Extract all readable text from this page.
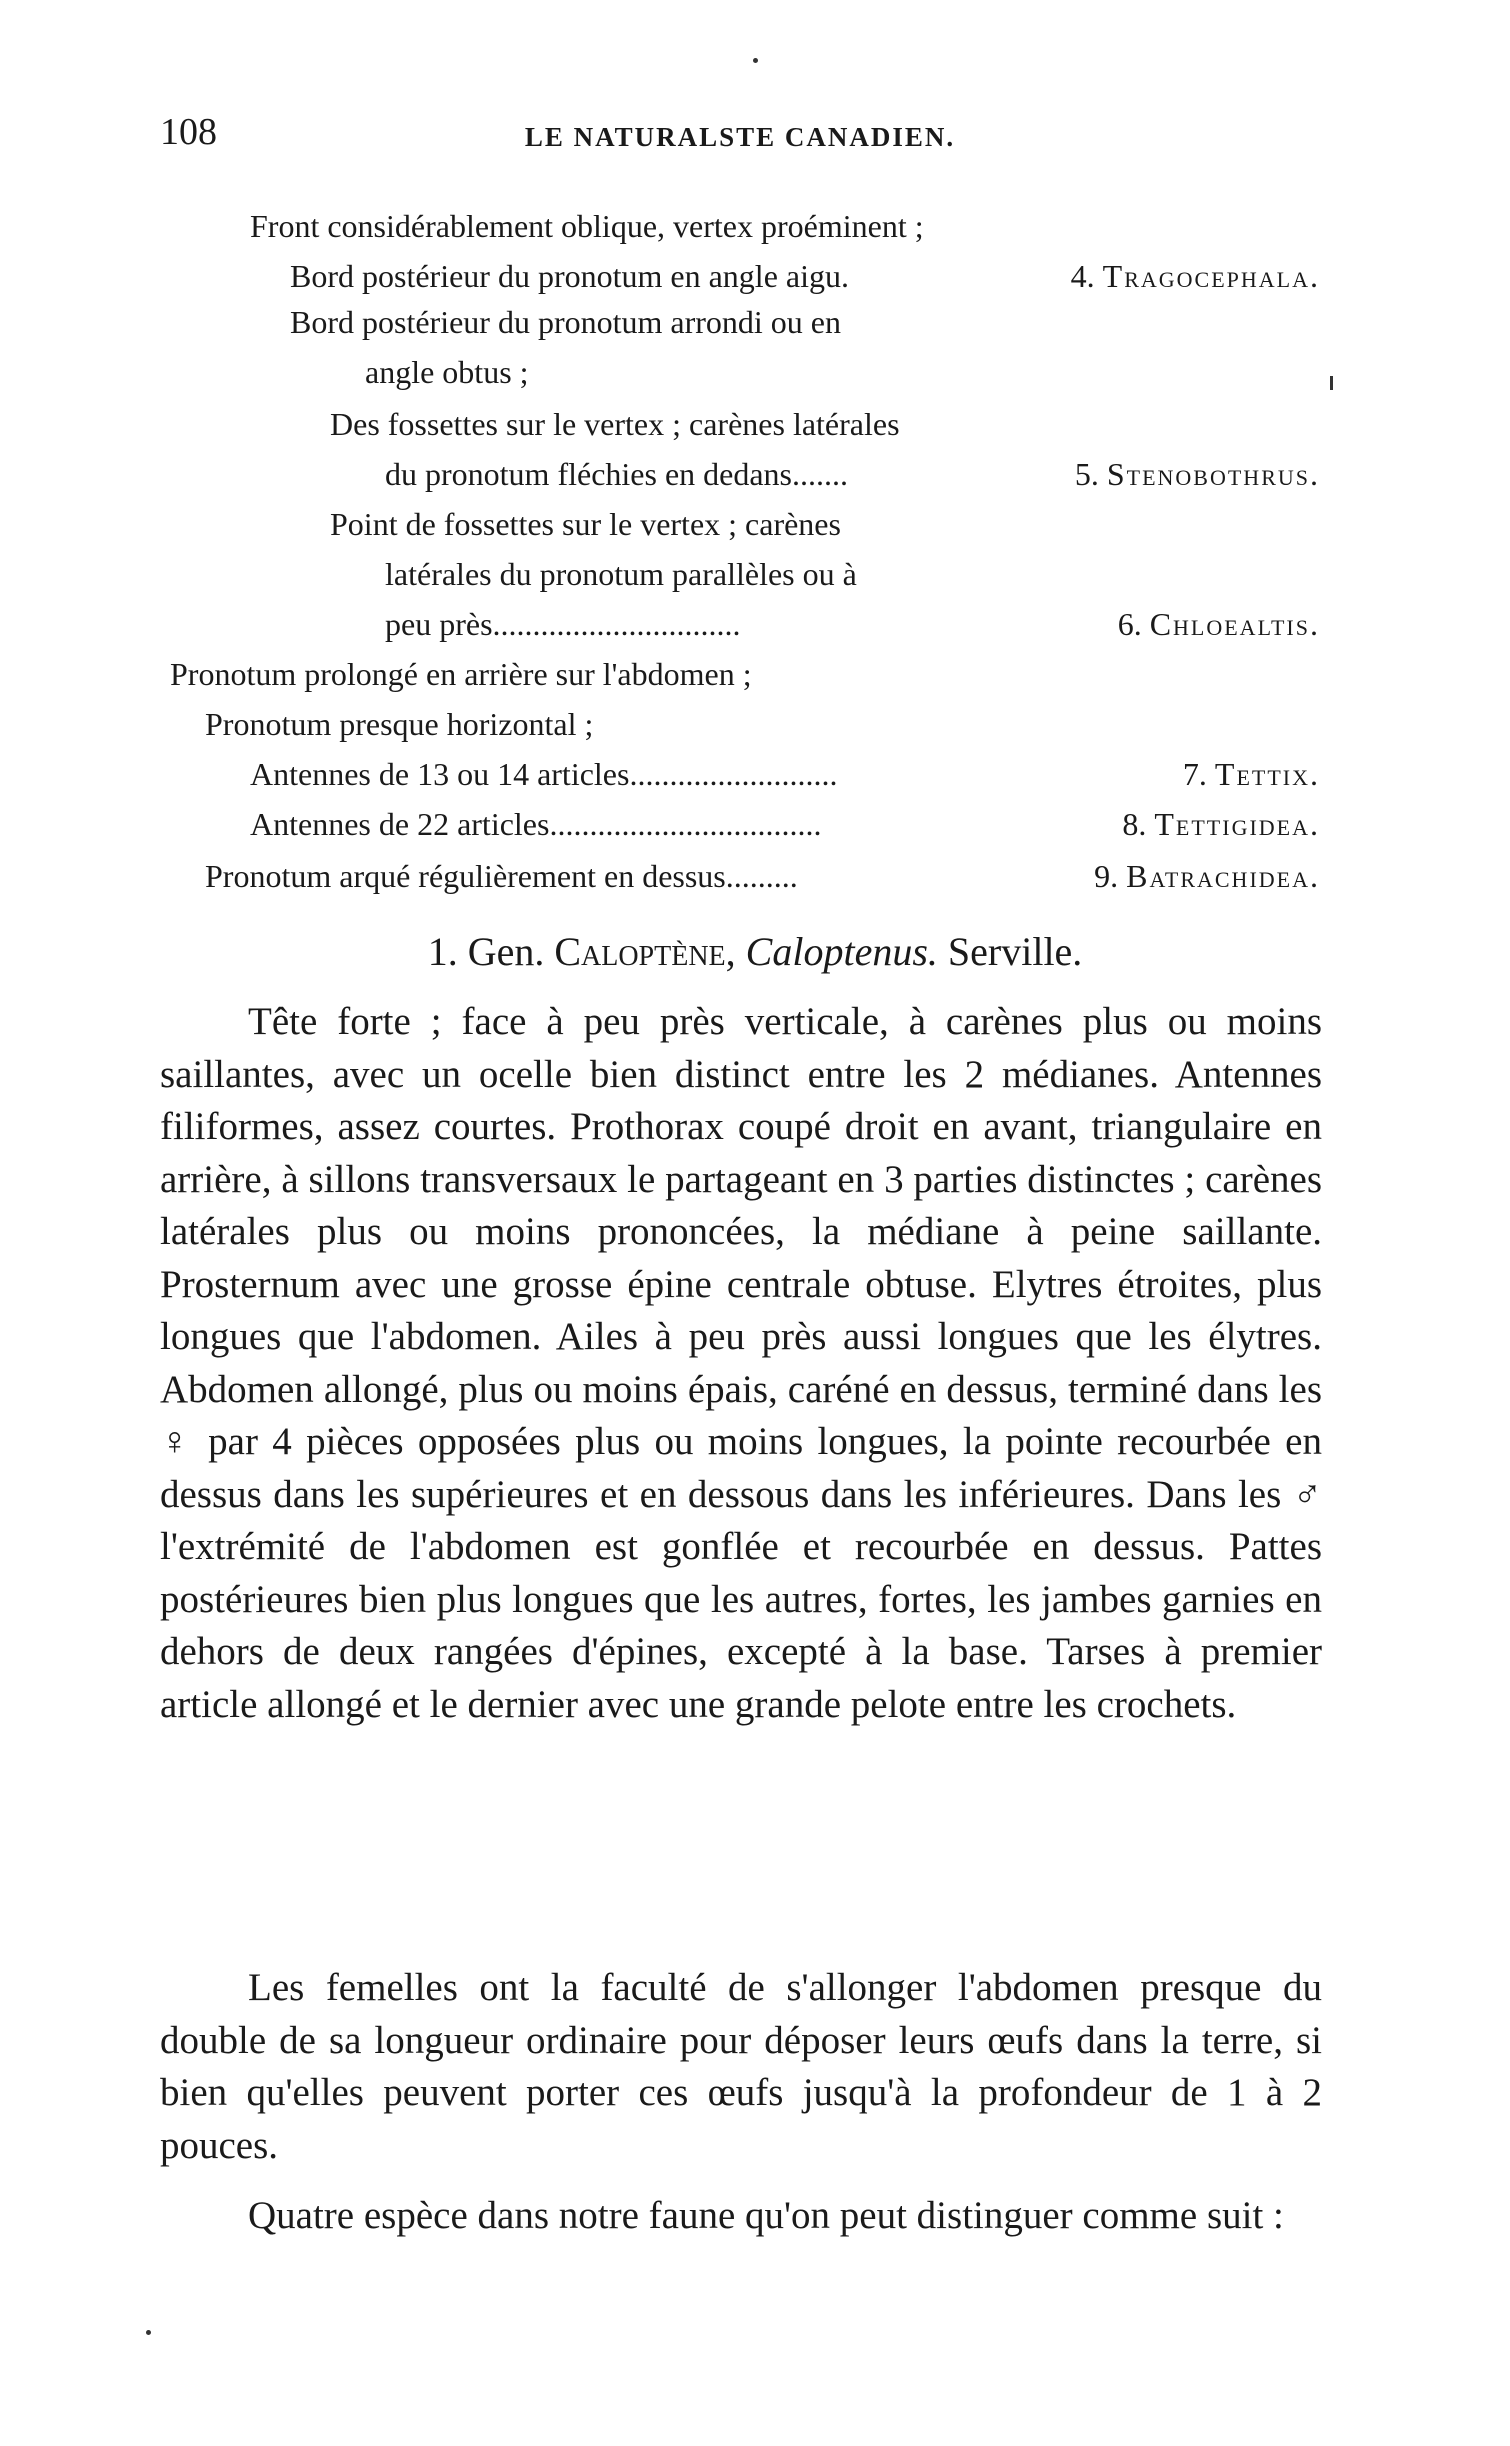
108	LE NATURALSTE CANADIEN.
Front considérablement oblique, vertex proéminent ;
Bord postérieur du pronotum en angle aigu.	4. Tragocephala.
Bord postérieur du pronotum arrondi ou en
angle obtus ;
Des fossettes sur le vertex ; carènes latérales
du pronotum fléchies en dedans.......	5. Stenobothrus.
Point de fossettes sur le vertex ; carènes
latérales du pronotum parallèles ou à
peu près...............................	6. Chloealtis.
Pronotum prolongé en arrière sur l'abdomen ;
Pronotum presque horizontal ;
Antennes de 13 ou 14 articles..........................	7. Tettix.
Antennes de 22 articles..................................	8. Tettigidea.
Pronotum arqué régulièrement en dessus.........	9. Batrachidea.
1. Gen. Caloptène, Caloptenus. Serville.

Tête forte ; face à peu près verticale, à carènes plus ou moins saillantes, avec un ocelle bien distinct entre les 2 médianes. Antennes filiformes, assez courtes. Prothorax coupé droit en avant, triangulaire en arrière, à sillons transversaux le partageant en 3 parties distinctes ; carènes latérales plus ou moins prononcées, la médiane à peine saillante. Prosternum avec une grosse épine centrale obtuse. Elytres étroites, plus longues que l'abdomen. Ailes à peu près aussi longues que les élytres. Abdomen allongé, plus ou moins épais, caréné en dessus, terminé dans les ♀ par 4 pièces opposées plus ou moins longues, la pointe recourbée en dessus dans les supérieures et en dessous dans les inférieures. Dans les ♂ l'extrémité de l'abdomen est gonflée et recourbée en dessus. Pattes postérieures bien plus longues que les autres, fortes, les jambes garnies en dehors de deux rangées d'épines, excepté à la base. Tarses à premier article allongé et le dernier avec une grande pelote entre les crochets.

Les femelles ont la faculté de s'allonger l'abdomen presque du double de sa longueur ordinaire pour déposer leurs œufs dans la terre, si bien qu'elles peuvent porter ces œufs jusqu'à la profondeur de 1 à 2 pouces.

Quatre espèce dans notre faune qu'on peut distinguer comme suit :
